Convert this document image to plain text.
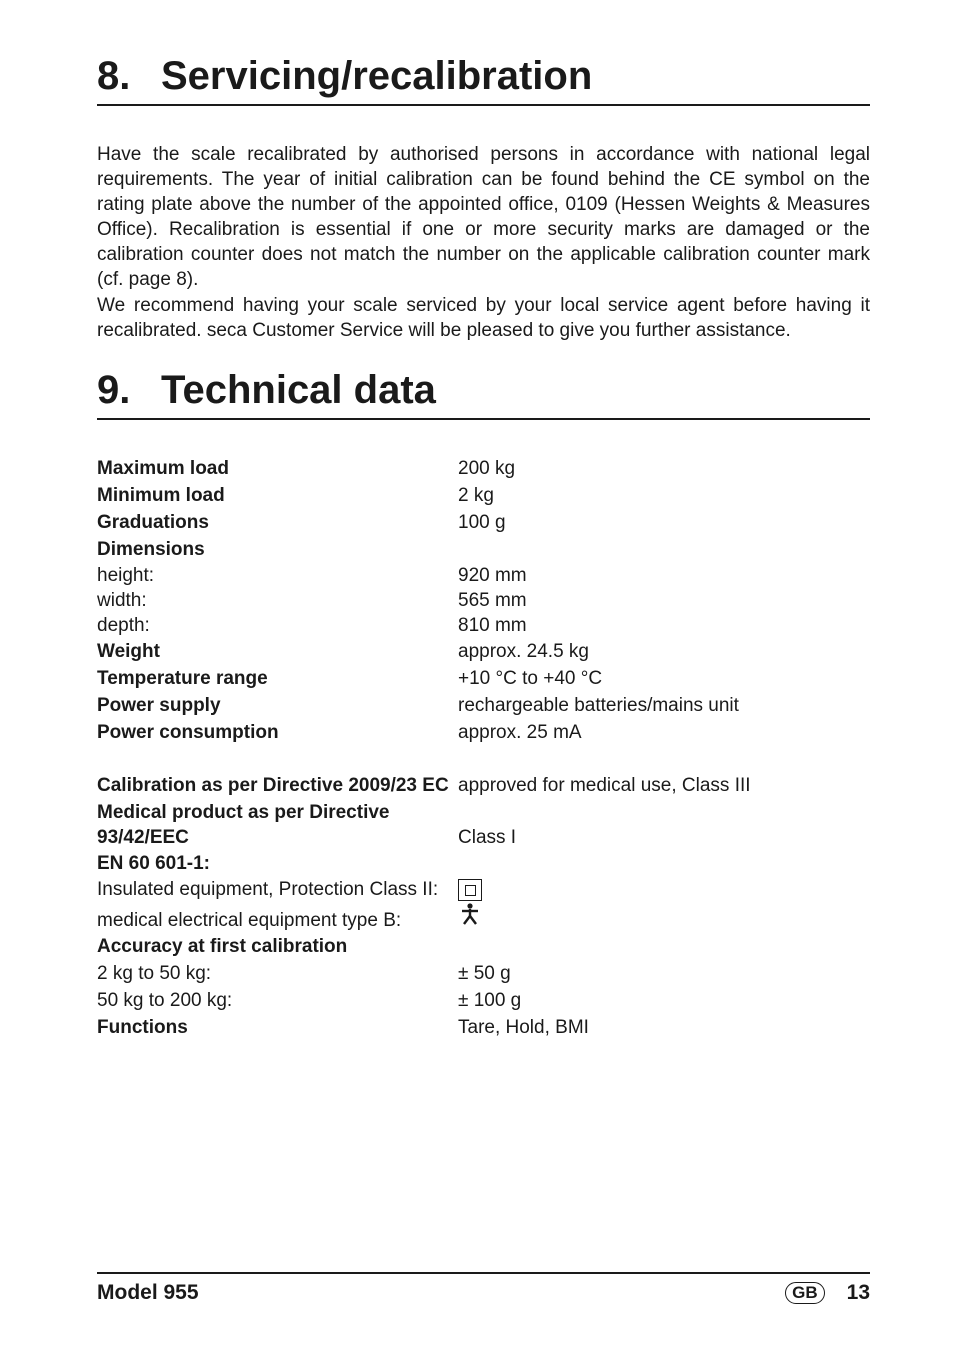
8. Servicing/recalibration

Have the scale recalibrated by authorised persons in accordance with national legal requirements. The year of initial calibration can be found behind the CE symbol on the rating plate above the number of the appointed office, 0109 (Hessen Weights & Measures Office). Recalibration is essential if one or more security marks are damaged or the calibration counter does not match the number on the applicable calibration counter mark (cf. page 8).

We recommend having your scale serviced by your local service agent before having it recalibrated. seca Customer Service will be pleased to give you further assistance.

9. Technical data
Maximum load	200 kg
Minimum load	2 kg
Graduations	100 g
Dimensions	
height:	920 mm
width:	565 mm
depth:	810 mm
Weight	approx. 24.5 kg
Temperature range	+10 °C to +40 °C
Power supply	rechargeable batteries/mains unit
Power consumption	approx. 25 mA
Calibration as per Directive 2009/23 EC	approved for medical use, Class III
Medical product as per Directive 93/42/EEC	Class I
EN 60 601-1:	
Insulated equipment, Protection Class II:	
medical electrical equipment type B:	
Accuracy at first calibration	
2 kg to 50 kg:	± 50 g
50 kg to 200 kg:	± 100 g
Functions	Tare, Hold, BMI
Model 955	GB	13
